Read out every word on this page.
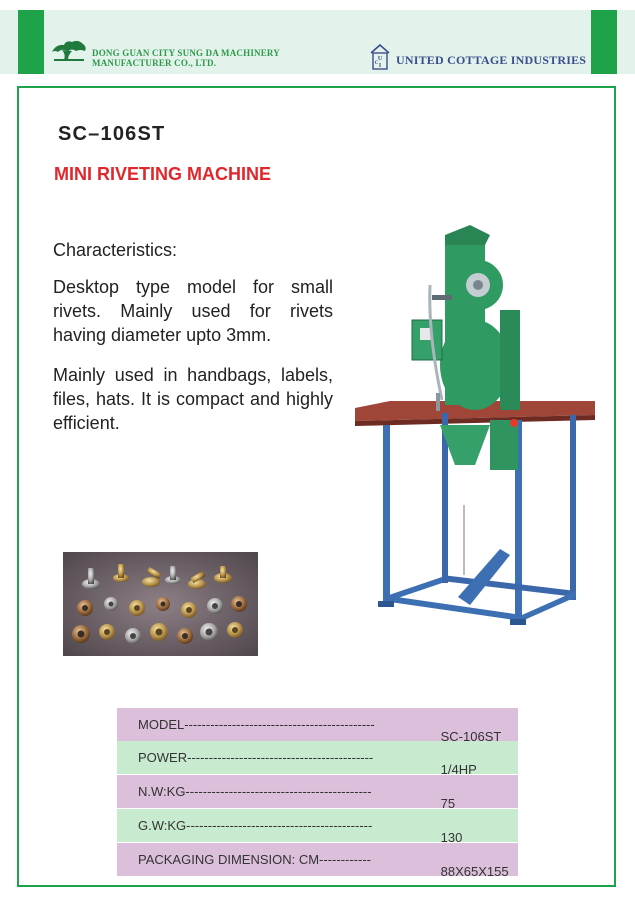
DONG GUAN CITY SUNG DA MACHINERY
MANUFACTURER CO., LTD.	U
I
C UNITED COTTAGE INDUSTRIES
SC–106ST
MINI RIVETING MACHINE
Characteristics:

Desktop type model for small rivets. Mainly used for rivets having diameter upto 3mm.

Mainly used in handbags, labels, files, hats. It is compact and highly efficient.

MODEL-------------------------------------------- SC-106ST
POWER------------------------------------------- 1/4HP
N.W:KG------------------------------------------- 75
G.W:KG------------------------------------------- 130
PACKAGING DIMENSION: CM------------ 88X65X155
